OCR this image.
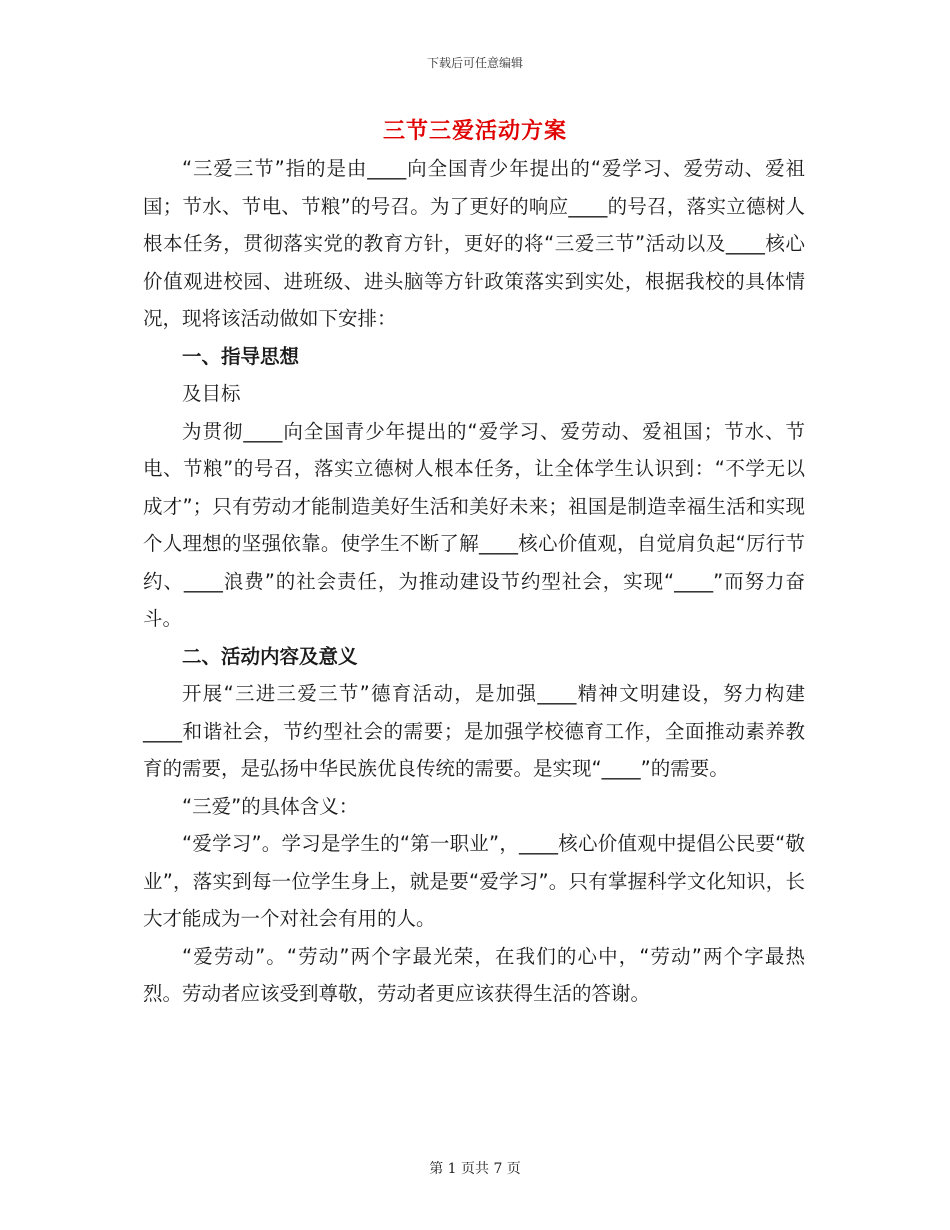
下载后可任意编辑
三节三爱活动方案

“三爱三节”指的是由____向全国青少年提出的“爱学习、爱劳动、爱祖国；节水、节电、节粮”的号召。为了更好的响应____的号召，落实立德树人根本任务，贯彻落实党的教育方针，更好的将“三爱三节”活动以及____核心价值观进校园、进班级、进头脑等方针政策落实到实处，根据我校的具体情况，现将该活动做如下安排：

一、指导思想

及目标

为贯彻____向全国青少年提出的“爱学习、爱劳动、爱祖国；节水、节电、节粮”的号召，落实立德树人根本任务，让全体学生认识到：“不学无以成才”；只有劳动才能制造美好生活和美好未来；祖国是制造幸福生活和实现个人理想的坚强依靠。使学生不断了解____核心价值观，自觉肩负起“厉行节约、____浪费”的社会责任，为推动建设节约型社会，实现“____”而努力奋斗。

二、活动内容及意义

开展“三进三爱三节”德育活动，是加强____精神文明建设，努力构建____和谐社会，节约型社会的需要；是加强学校德育工作，全面推动素养教育的需要，是弘扬中华民族优良传统的需要。是实现“____”的需要。

“三爱”的具体含义：

“爱学习”。学习是学生的“第一职业”，____核心价值观中提倡公民要“敬业”，落实到每一位学生身上，就是要“爱学习”。只有掌握科学文化知识，长大才能成为一个对社会有用的人。

“爱劳动”。“劳动”两个字最光荣，在我们的心中，“劳动”两个字最热烈。劳动者应该受到尊敬，劳动者更应该获得生活的答谢。

第 1 页共 7 页
